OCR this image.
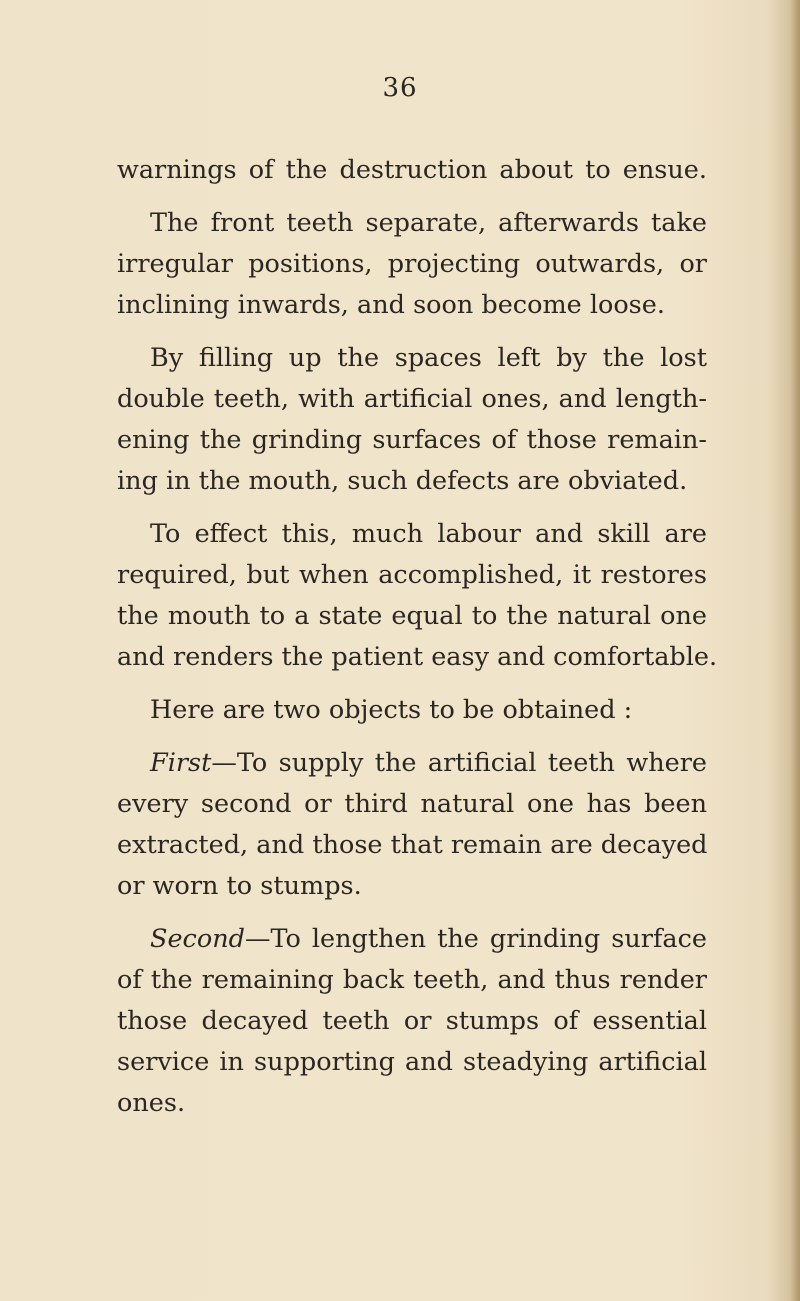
36
warnings of the destruction about to ensue.
The front teeth separate, afterwards take
irregular positions, projecting outwards, or
inclining inwards, and soon become loose.
By filling up the spaces left by the lost
double teeth, with artificial ones, and length-
ening the grinding surfaces of those remain-
ing in the mouth, such defects are obviated.
To effect this, much labour and skill are
required, but when accomplished, it restores
the mouth to a state equal to the natural one
and renders the patient easy and comfortable.
Here are two objects to be obtained :
First—To supply the artificial teeth where
every second or third natural one has been
extracted, and those that remain are decayed
or worn to stumps.
Second—To lengthen the grinding surface
of the remaining back teeth, and thus render
those decayed teeth or stumps of essential
service in supporting and steadying artificial
ones.
